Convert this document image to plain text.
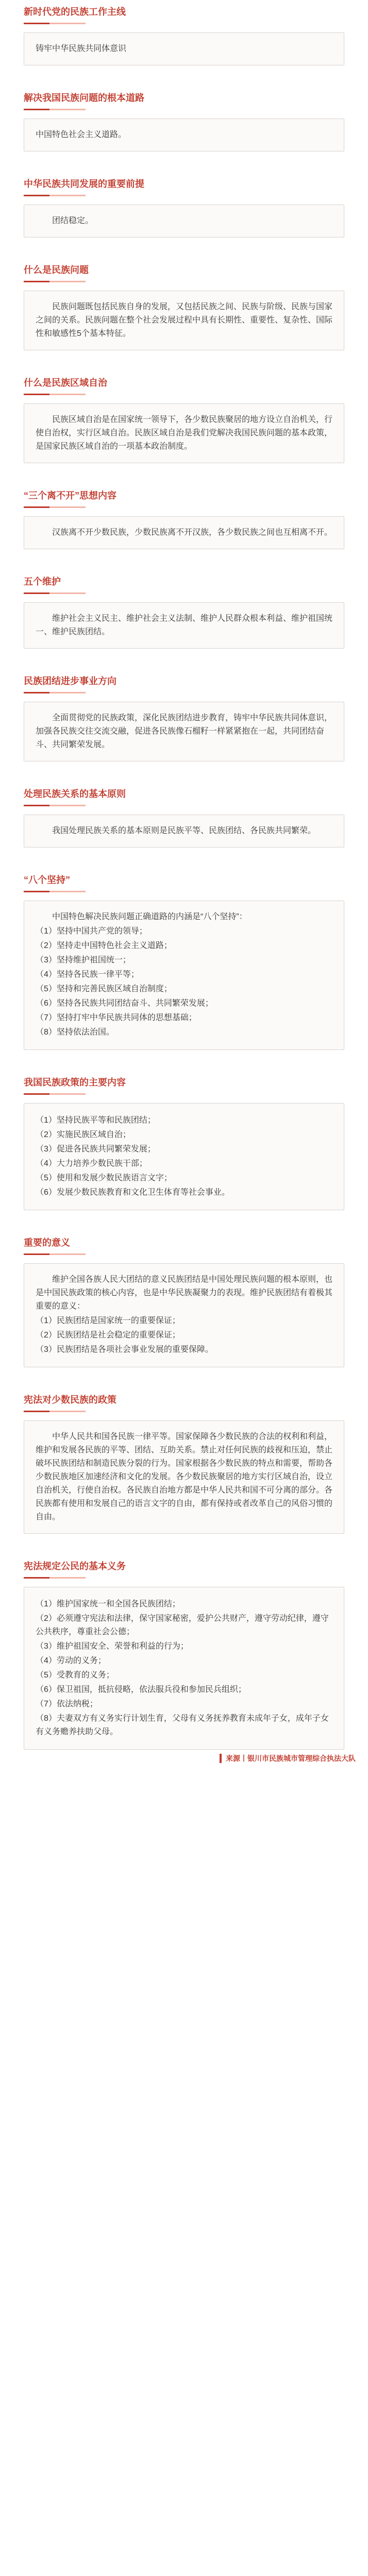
新时代党的民族工作主线
铸牢中华民族共同体意识
解决我国民族问题的根本道路
中国特色社会主义道路。
中华民族共同发展的重要前提
团结稳定。
什么是民族问题
民族问题既包括民族自身的发展，又包括民族之间、民族与阶级、民族与国家之间的关系。民族问题在整个社会发展过程中具有长期性、重要性、复杂性、国际性和敏感性5个基本特征。
什么是民族区域自治
民族区域自治是在国家统一领导下，各少数民族聚居的地方设立自治机关，行使自治权，实行区域自治。民族区域自治是我们党解决我国民族问题的基本政策，是国家民族区域自治的一项基本政治制度。
“三个离不开”思想内容
汉族离不开少数民族，少数民族离不开汉族，各少数民族之间也互相离不开。
五个维护
维护社会主义民主、维护社会主义法制、维护人民群众根本利益、维护祖国统一、维护民族团结。
民族团结进步事业方向
全面贯彻党的民族政策，深化民族团结进步教育，铸牢中华民族共同体意识，加强各民族交往交流交融，促进各民族像石榴籽一样紧紧抱在一起，共同团结奋斗、共同繁荣发展。
处理民族关系的基本原则
我国处理民族关系的基本原则是民族平等、民族团结、各民族共同繁荣。
“八个坚持”
中国特色解决民族问题正确道路的内涵是“八个坚持”：
（1）坚持中国共产党的领导；
（2）坚持走中国特色社会主义道路；
（3）坚持维护祖国统一；
（4）坚持各民族一律平等；
（5）坚持和完善民族区域自治制度；
（6）坚持各民族共同团结奋斗、共同繁荣发展；
（7）坚持打牢中华民族共同体的思想基础；
（8）坚持依法治国。
我国民族政策的主要内容
（1）坚持民族平等和民族团结；
（2）实施民族区域自治；
（3）促进各民族共同繁荣发展；
（4）大力培养少数民族干部；
（5）使用和发展少数民族语言文字；
（6）发展少数民族教育和文化卫生体育等社会事业。
重要的意义
维护全国各族人民大团结的意义民族团结是中国处理民族问题的根本原则，也是中国民族政策的核心内容，也是中华民族凝聚力的表现。维护民族团结有着极其重要的意义：
（1）民族团结是国家统一的重要保证；
（2）民族团结是社会稳定的重要保证；
（3）民族团结是各项社会事业发展的重要保障。
宪法对少数民族的政策
中华人民共和国各民族一律平等。国家保障各少数民族的合法的权利和利益，维护和发展各民族的平等、团结、互助关系。禁止对任何民族的歧视和压迫，禁止破坏民族团结和制造民族分裂的行为。国家根据各少数民族的特点和需要，帮助各少数民族地区加速经济和文化的发展。各少数民族聚居的地方实行区域自治，设立自治机关，行使自治权。各民族自治地方都是中华人民共和国不可分离的部分。各民族都有使用和发展自己的语言文字的自由，都有保持或者改革自己的风俗习惯的自由。
宪法规定公民的基本义务
（1）维护国家统一和全国各民族团结；
（2）必须遵守宪法和法律，保守国家秘密，爱护公共财产，遵守劳动纪律，遵守公共秩序，尊重社会公德；
（3）维护祖国安全、荣誉和利益的行为；
（4）劳动的义务；
（5）受教育的义务；
（6）保卫祖国，抵抗侵略，依法服兵役和参加民兵组织；
（7）依法纳税；
（8）夫妻双方有义务实行计划生育，父母有义务抚养教育未成年子女，成年子女有义务赡养扶助父母。
来源丨银川市民族城市管理综合执法大队
